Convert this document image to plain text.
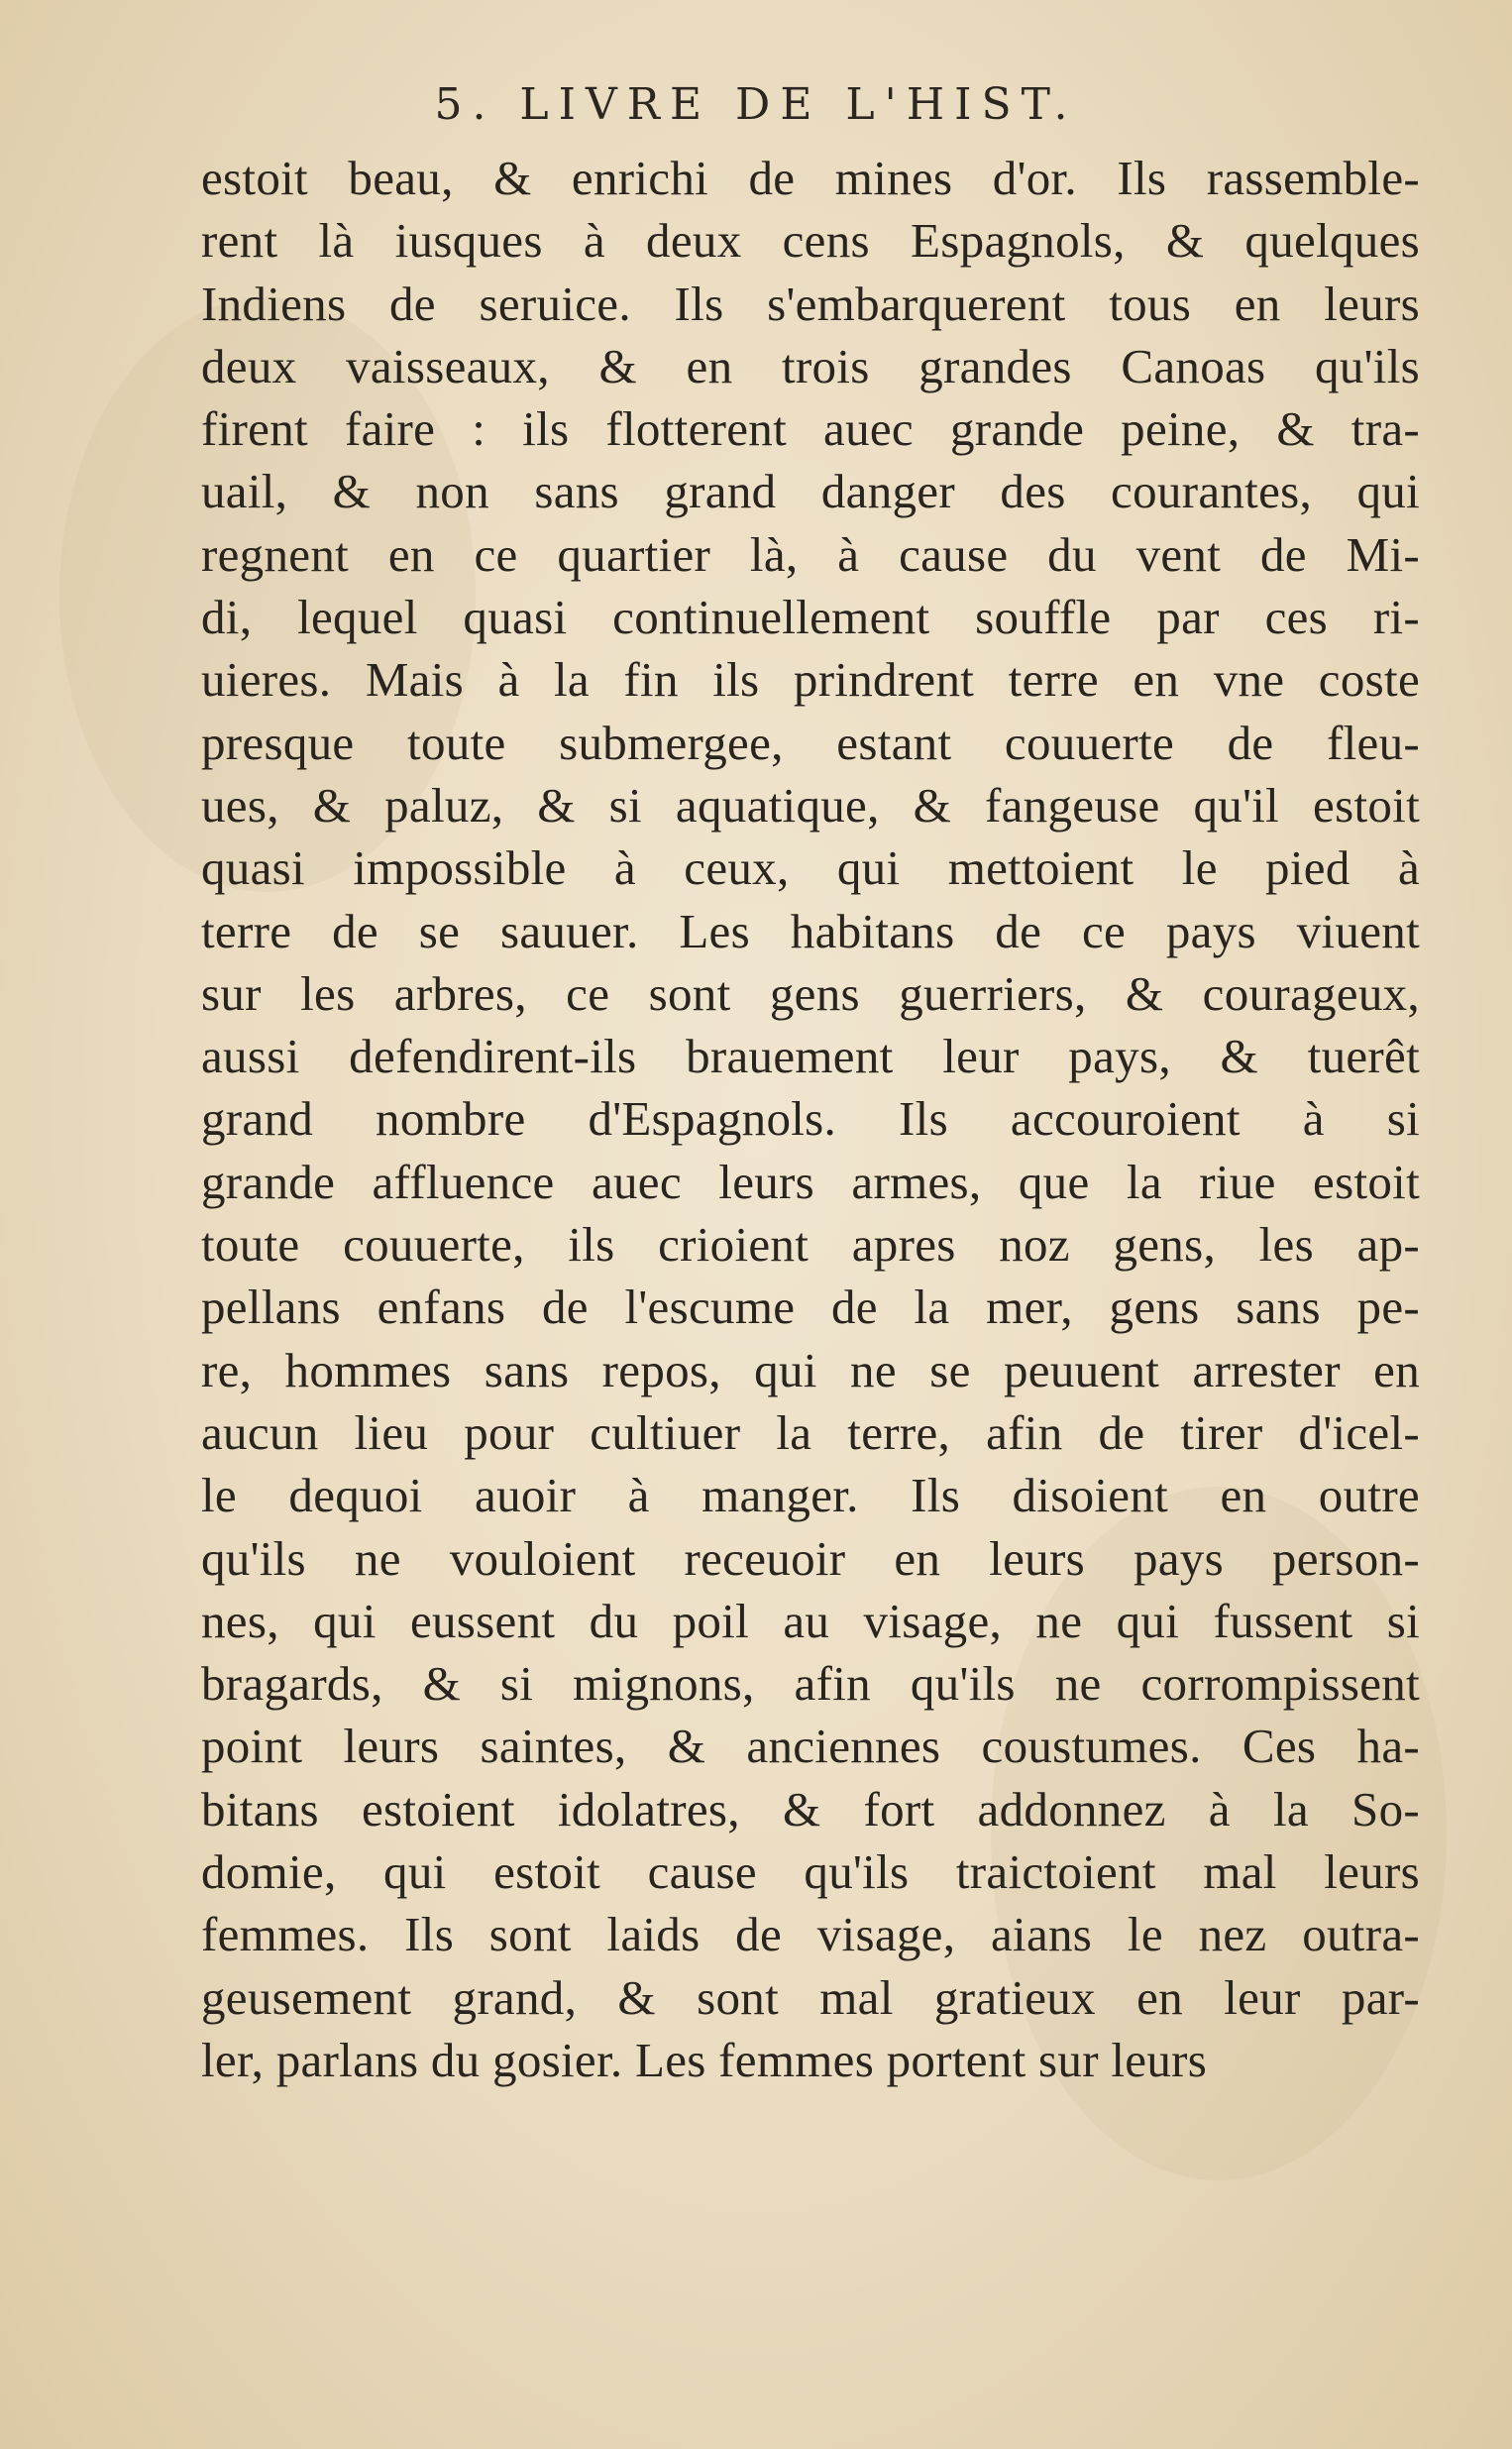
5. LIVRE DE L'HIST.
estoit beau, & enrichi de mines d'or. Ils rassemble-
rent là iusques à deux cens Espagnols, & quelques
Indiens de seruice. Ils s'embarquerent tous en leurs
deux vaisseaux, & en trois grandes Canoas qu'ils
firent faire : ils flotterent auec grande peine, & tra-
uail, & non sans grand danger des courantes, qui
regnent en ce quartier là, à cause du vent de Mi-
di, lequel quasi continuellement souffle par ces ri-
uieres. Mais à la fin ils prindrent terre en vne coste
presque toute submergee, estant couuerte de fleu-
ues, & paluz, & si aquatique, & fangeuse qu'il estoit
quasi impossible à ceux, qui mettoient le pied à
terre de se sauuer. Les habitans de ce pays viuent
sur les arbres, ce sont gens guerriers, & courageux,
aussi defendirent-ils brauement leur pays, & tuerêt
grand nombre d'Espagnols. Ils accouroient à si
grande affluence auec leurs armes, que la riue estoit
toute couuerte, ils crioient apres noz gens, les ap-
pellans enfans de l'escume de la mer, gens sans pe-
re, hommes sans repos, qui ne se peuuent arrester en
aucun lieu pour cultiuer la terre, afin de tirer d'icel-
le dequoi auoir à manger. Ils disoient en outre
qu'ils ne vouloient receuoir en leurs pays person-
nes, qui eussent du poil au visage, ne qui fussent si
bragards, & si mignons, afin qu'ils ne corrompissent
point leurs saintes, & anciennes coustumes. Ces ha-
bitans estoient idolatres, & fort addonnez à la So-
domie, qui estoit cause qu'ils traictoient mal leurs
femmes. Ils sont laids de visage, aians le nez outra-
geusement grand, & sont mal gratieux en leur par-
ler, parlans du gosier. Les femmes portent sur leurs
